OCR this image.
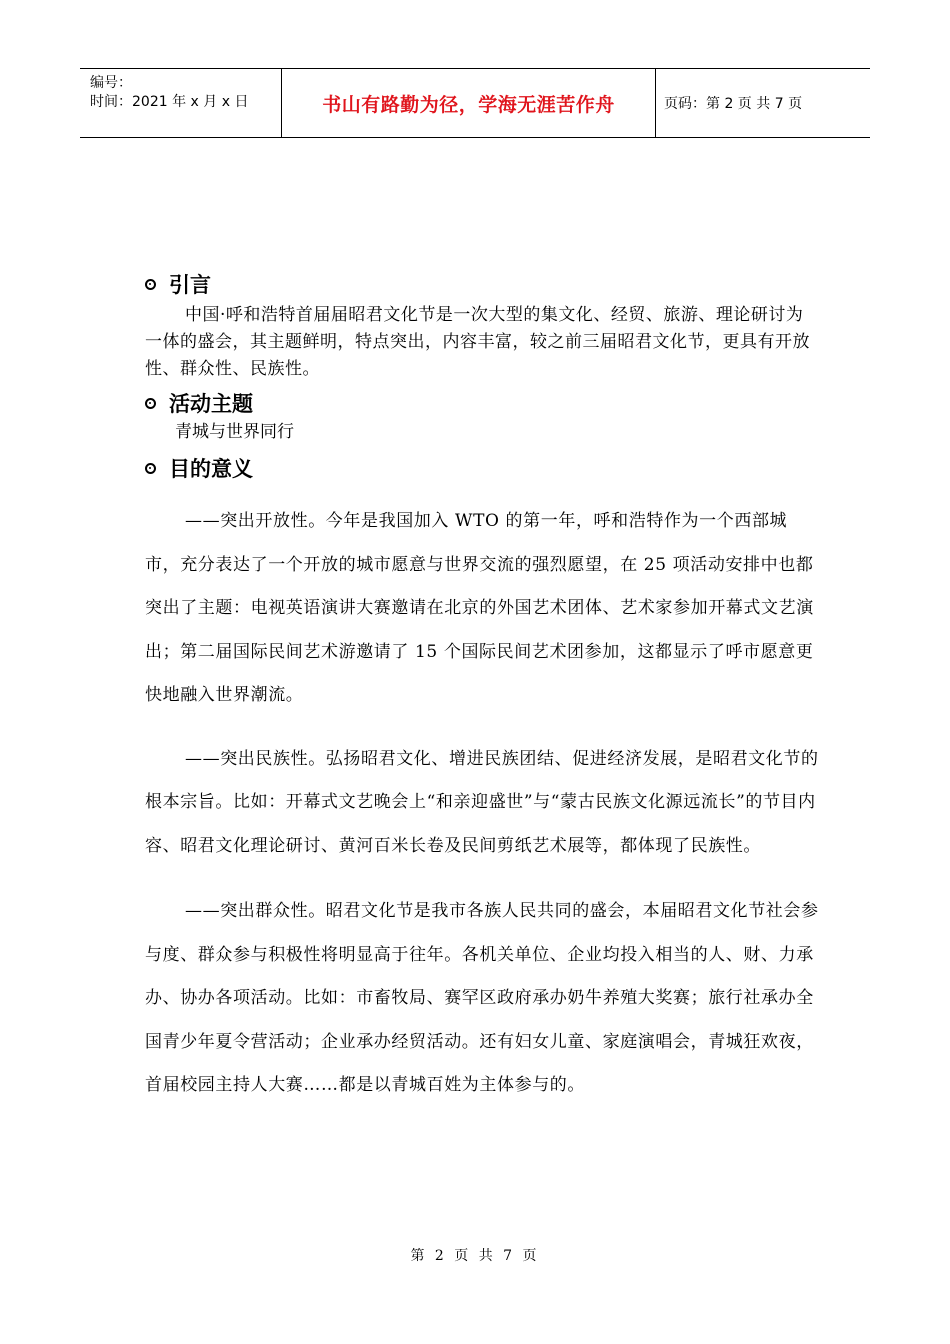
编号：
时间：2021 年 x 月 x 日	书山有路勤为径，学海无涯苦作舟	页码：第 2 页 共 7 页
引言

中国·呼和浩特首届届昭君文化节是一次大型的集文化、经贸、旅游、理论研讨为一体的盛会，其主题鲜明，特点突出，内容丰富，较之前三届昭君文化节，更具有开放性、群众性、民族性。

活动主题

青城与世界同行

目的意义

——突出开放性。今年是我国加入 WTO 的第一年，呼和浩特作为一个西部城市，充分表达了一个开放的城市愿意与世界交流的强烈愿望，在 25 项活动安排中也都突出了主题：电视英语演讲大赛邀请在北京的外国艺术团体、艺术家参加开幕式文艺演出；第二届国际民间艺术游邀请了 15 个国际民间艺术团参加，这都显示了呼市愿意更快地融入世界潮流。

——突出民族性。弘扬昭君文化、增进民族团结、促进经济发展，是昭君文化节的根本宗旨。比如：开幕式文艺晚会上“和亲迎盛世”与“蒙古民族文化源远流长”的节目内容、昭君文化理论研讨、黄河百米长卷及民间剪纸艺术展等，都体现了民族性。

——突出群众性。昭君文化节是我市各族人民共同的盛会，本届昭君文化节社会参与度、群众参与积极性将明显高于往年。各机关单位、企业均投入相当的人、财、力承办、协办各项活动。比如：市畜牧局、赛罕区政府承办奶牛养殖大奖赛；旅行社承办全国青少年夏令营活动；企业承办经贸活动。还有妇女儿童、家庭演唱会，青城狂欢夜，首届校园主持人大赛……都是以青城百姓为主体参与的。

第 2 页 共 7 页
